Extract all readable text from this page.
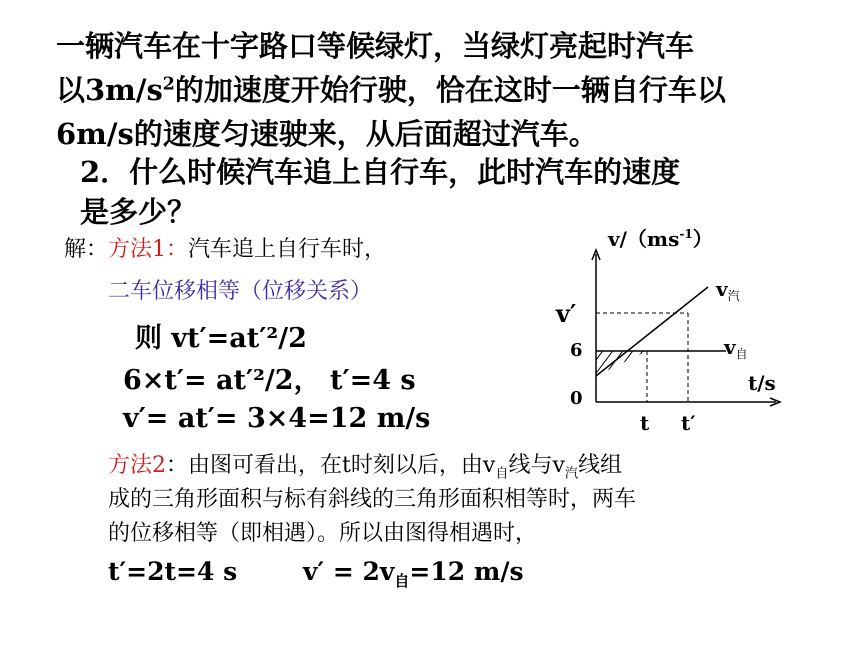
一辆汽车在十字路口等候绿灯，当绿灯亮起时汽车
以$3m/s^2$的加速度开始行驶，恰在这时一辆自行车以
6m/s的速度匀速驶来，从后面超过汽车。
2．什么时候汽车追上自行车，此时汽车的速度
是多少？
解：方法1：汽车追上自行车时，
二车位移相等（位移关系）
则 vt′=at′²/2
6×t′= at′²/2， t′=4 s
v′= at′= 3×4=12 m/s
$v/(ms^{-1})$
t/s
v′
6
0
t t′
$v_汽$
$v_自$
方法2：由图可看出，在t时刻以后，由$v_自$线与$v_汽$线组
成的三角形面积与标有斜线的三角形面积相等时，两车
的位移相等（即相遇）。所以由图得相遇时，
t′=2t=4 s	$v' = 2v_自=12$ m/s
